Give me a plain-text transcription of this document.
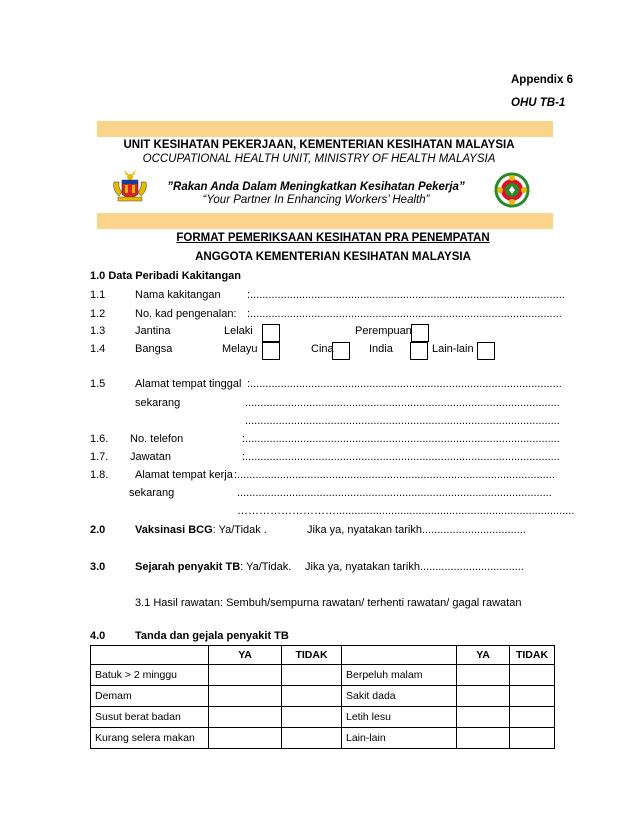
Appendix 6
OHU TB-1
UNIT KESIHATAN PEKERJAAN, KEMENTERIAN KESIHATAN MALAYSIA
OCCUPATIONAL HEALTH UNIT, MINISTRY OF HEALTH MALAYSIA
”Rakan Anda Dalam Meningkatkan Kesihatan Pekerja”
“Your Partner In Enhancing Workers’ Health”
FORMAT PEMERIKSAAN KESIHATAN PRA PENEMPATAN
ANGGOTA KEMENTERIAN KESIHATAN MALAYSIA
1.0 Data Peribadi Kakitangan
1.1	Nama kakitangan :.......................................................................................................
1.2	No. kad pengenalan: :......................................................................................................
1.3	Jantina	Lelaki	Perempuan
1.4	Bangsa	Melayu	Cina	India	Lain-lain
1.5	Alamat tempat tinggal
sekarang
:......................................................................................................
.......................................................................................................
.......................................................................................................
1.6. No. telefon	:.......................................................................................................
1.7. Jawatan	:.......................................................................................................
1.8. Alamat tempat kerja
sekarang
:........................................................................................................
.......................................................................................................
………………………..............................................................................
2.0	Vaksinasi BCG: Ya/Tidak .	Jika ya, nyatakan tarikh..................................
3.0	Sejarah penyakit TB: Ya/Tidak. Jika ya, nyatakan tarikh..................................
3.1 Hasil rawatan: Sembuh/sempurna rawatan/ terhenti rawatan/ gagal rawatan
4.0	Tanda dan gejala penyakit TB
	YA	TIDAK		YA	TIDAK
Batuk > 2 minggu			Berpeluh malam		
Demam			Sakit dada		
Susut berat badan			Letih lesu		
Kurang selera makan			Lain-lain		
